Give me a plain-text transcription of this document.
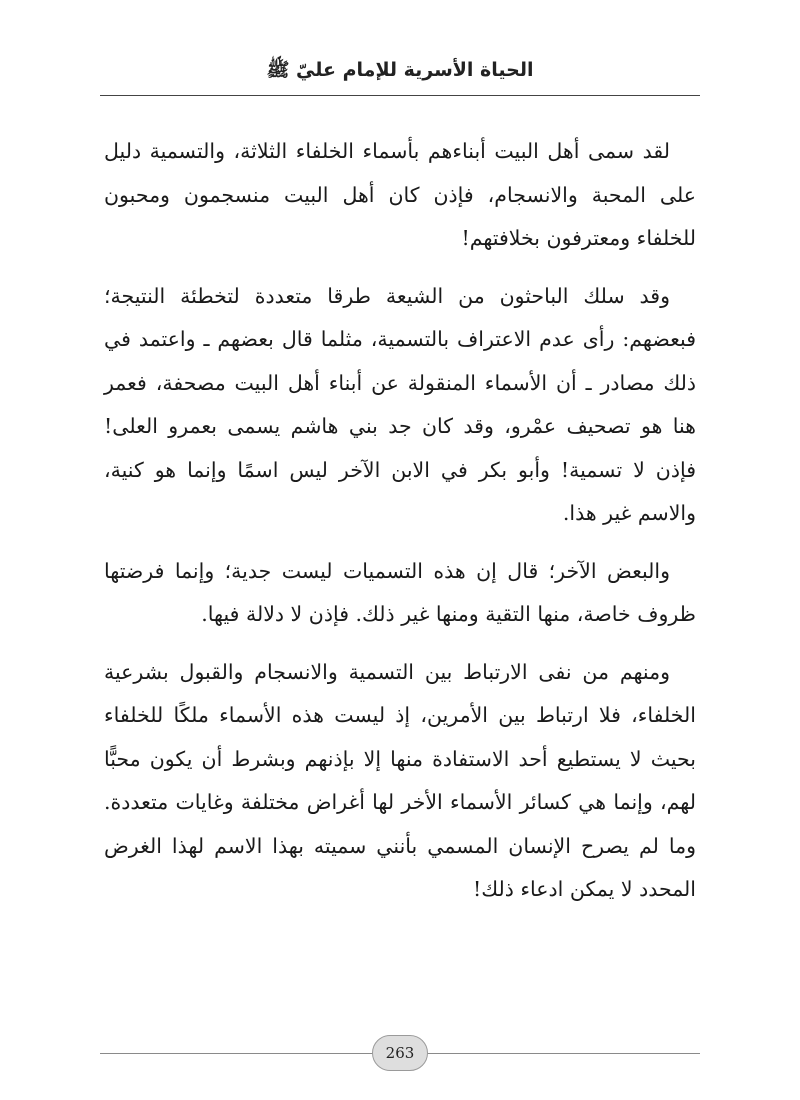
الحياة الأسرية للإمام عليّ ﷺ

لقد سمى أهل البيت أبناءهم بأسماء الخلفاء الثلاثة، والتسمية دليل على المحبة والانسجام، فإذن كان أهل البيت منسجمون ومحبون للخلفاء ومعترفون بخلافتهم!

وقد سلك الباحثون من الشيعة طرقا متعددة لتخطئة النتيجة؛ فبعضهم: رأى عدم الاعتراف بالتسمية، مثلما قال بعضهم ـ واعتمد في ذلك مصادر ـ أن الأسماء المنقولة عن أبناء أهل البيت مصحفة، فعمر هنا هو تصحيف عمْرو، وقد كان جد بني هاشم يسمى بعمرو العلى! فإذن لا تسمية! وأبو بكر في الابن الآخر ليس اسمًا وإنما هو كنية، والاسم غير هذا.

والبعض الآخر؛ قال إن هذه التسميات ليست جدية؛ وإنما فرضتها ظروف خاصة، منها التقية ومنها غير ذلك. فإذن لا دلالة فيها.

ومنهم من نفى الارتباط بين التسمية والانسجام والقبول بشرعية الخلفاء، فلا ارتباط بين الأمرين، إذ ليست هذه الأسماء ملكًا للخلفاء بحيث لا يستطيع أحد الاستفادة منها إلا بإذنهم وبشرط أن يكون محبًّا لهم، وإنما هي كسائر الأسماء الأخر لها أغراض مختلفة وغايات متعددة. وما لم يصرح الإنسان المسمي بأنني سميته بهذا الاسم لهذا الغرض المحدد لا يمكن ادعاء ذلك!

263
